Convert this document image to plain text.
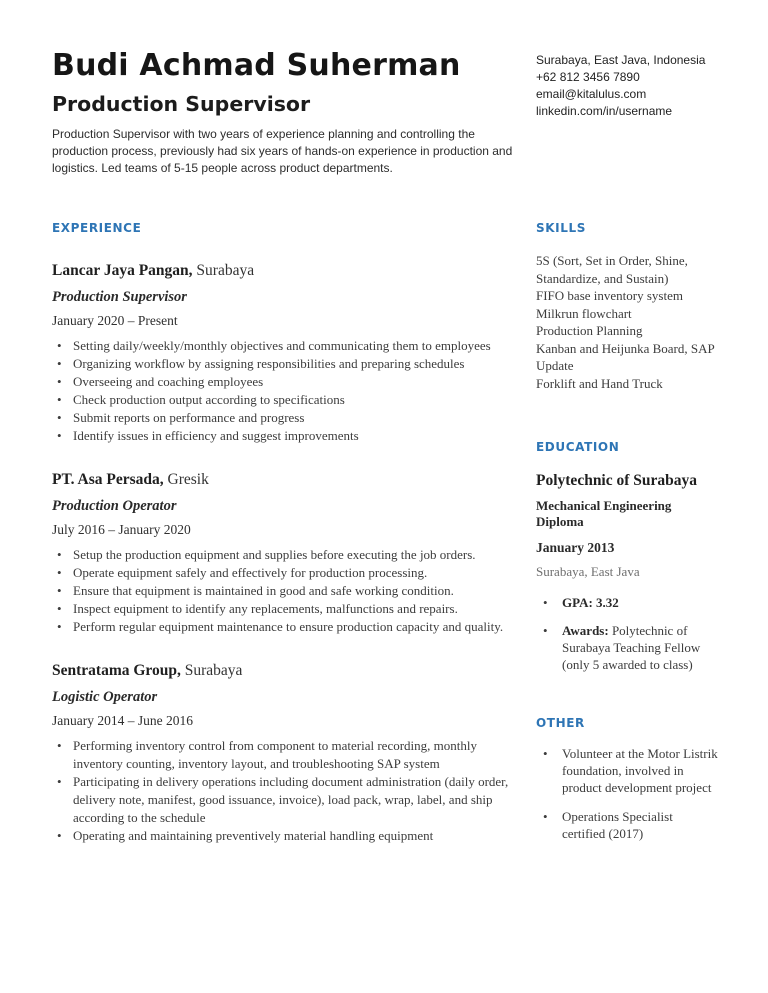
Budi Achmad Suherman
Production Supervisor
Production Supervisor with two years of experience planning and controlling the production process, previously had six years of hands-on experience in production and logistics. Led teams of 5-15 people across product departments.
Surabaya, East Java, Indonesia
+62 812 3456 7890
email@kitalulus.com
linkedin.com/in/username
EXPERIENCE
Lancar Jaya Pangan, Surabaya
Production Supervisor
January 2020 – Present
• Setting daily/weekly/monthly objectives and communicating them to employees
• Organizing workflow by assigning responsibilities and preparing schedules
• Overseeing and coaching employees
• Check production output according to specifications
• Submit reports on performance and progress
• Identify issues in efficiency and suggest improvements
PT. Asa Persada, Gresik
Production Operator
July 2016 – January 2020
• Setup the production equipment and supplies before executing the job orders.
• Operate equipment safely and effectively for production processing.
• Ensure that equipment is maintained in good and safe working condition.
• Inspect equipment to identify any replacements, malfunctions and repairs.
• Perform regular equipment maintenance to ensure production capacity and quality.
Sentratama Group, Surabaya
Logistic Operator
January 2014 – June 2016
• Performing inventory control from component to material recording, monthly inventory counting, inventory layout, and troubleshooting SAP system
• Participating in delivery operations including document administration (daily order, delivery note, manifest, good issuance, invoice), load pack, wrap, label, and ship according to the schedule
• Operating and maintaining preventively material handling equipment
SKILLS
5S (Sort, Set in Order, Shine, Standardize, and Sustain)
FIFO base inventory system
Milkrun flowchart
Production Planning
Kanban and Heijunka Board, SAP Update
Forklift and Hand Truck
EDUCATION
Polytechnic of Surabaya
Mechanical Engineering Diploma
January 2013
Surabaya, East Java
• GPA: 3.32
• Awards: Polytechnic of Surabaya Teaching Fellow (only 5 awarded to class)
OTHER
• Volunteer at the Motor Listrik foundation, involved in product development project
• Operations Specialist certified (2017)
